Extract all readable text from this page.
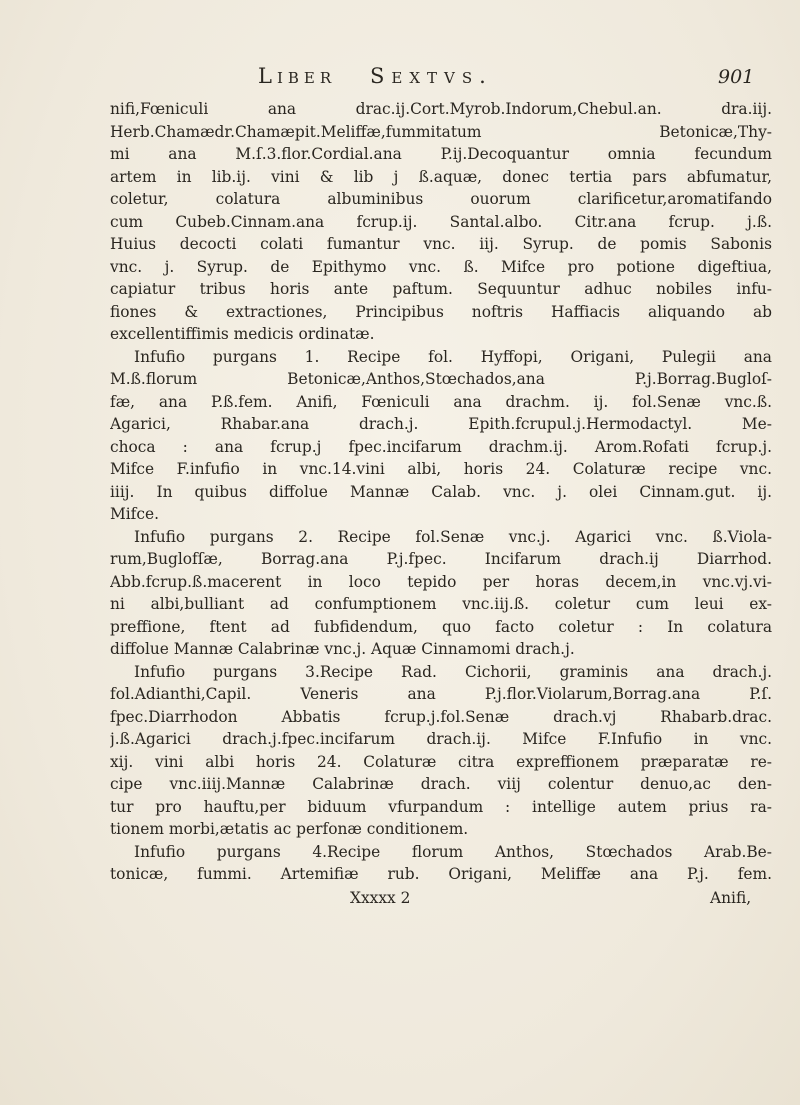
Liber Sextvs.	901
nifi,Fœniculi ana drac.ij.Cort.Myrob.Indorum,Chebul.an. dra.iij.
Herb.Chamædr.Chamæpit.Meliffæ,fummitatum Betonicæ,Thy-
mi ana M.ſ.3.flor.Cordial.ana P.ij.Decoquantur omnia fecundum
artem in lib.ij. vini & lib j ß.aquæ, donec tertia pars abfumatur,
coletur, colatura albuminibus ouorum clarificetur,aromatifando
cum Cubeb.Cinnam.ana fcrup.ij. Santal.albo. Citr.ana fcrup. j.ß.
Huius decocti colati fumantur vnc. iij. Syrup. de pomis Sabonis
vnc. j. Syrup. de Epithymo vnc. ß. Mifce pro potione digeftiua,
capiatur tribus horis ante paftum. Sequuntur adhuc nobiles infu-
fiones & extractiones, Principibus noftris Haffiacis aliquando ab
excellentiffimis medicis ordinatæ.
Infufio purgans 1. Recipe fol. Hyffopi, Origani, Pulegii ana
M.ß.florum Betonicæ,Anthos,Stœchados,ana P.j.Borrag.Bugloſ-
fæ, ana P.ß.fem. Anifi, Fœniculi ana drachm. ij. fol.Senæ vnc.ß.
Agarici, Rhabar.ana drach.j. Epith.fcrupul.j.Hermodactyl. Me-
choca : ana fcrup.j fpec.incifarum drachm.ij. Arom.Rofati fcrup.j.
Mifce F.infufio in vnc.14.vini albi, horis 24. Colaturæ recipe vnc.
iiij. In quibus diffolue Mannæ Calab. vnc. j. olei Cinnam.gut. ij.
Mifce.
Infufio purgans 2. Recipe fol.Senæ vnc.j. Agarici vnc. ß.Viola-
rum,Buglofſæ, Borrag.ana P.j.fpec. Incifarum drach.ij Diarrhod.
Abb.fcrup.ß.macerent in loco tepido per horas decem,in vnc.vj.vi-
ni albi,bulliant ad confumptionem vnc.iij.ß. coletur cum leui ex-
preffione, ftent ad fubfidendum, quo facto coletur : In colatura
diffolue Mannæ Calabrinæ vnc.j. Aquæ Cinnamomi drach.j.
Infufio purgans 3.Recipe Rad. Cichorii, graminis ana drach.j.
fol.Adianthi,Capil. Veneris ana P.j.flor.Violarum,Borrag.ana P.ſ.
fpec.Diarrhodon Abbatis fcrup.j.fol.Senæ drach.vj Rhabarb.drac.
j.ß.Agarici drach.j.fpec.incifarum drach.ij. Mifce F.Infufio in vnc.
xij. vini albi horis 24. Colaturæ citra expreffionem præparatæ re-
cipe vnc.iiij.Mannæ Calabrinæ drach. viij colentur denuo,ac den-
tur pro hauftu,per biduum vfurpandum : intellige autem prius ra-
tionem morbi,ætatis ac perfonæ conditionem.
Infufio purgans 4.Recipe florum Anthos, Stœchados Arab.Be-
tonicæ, fummi. Artemifiæ rub. Origani, Meliffæ ana P.j. fem.
Xxxxx 2	Anifi,
